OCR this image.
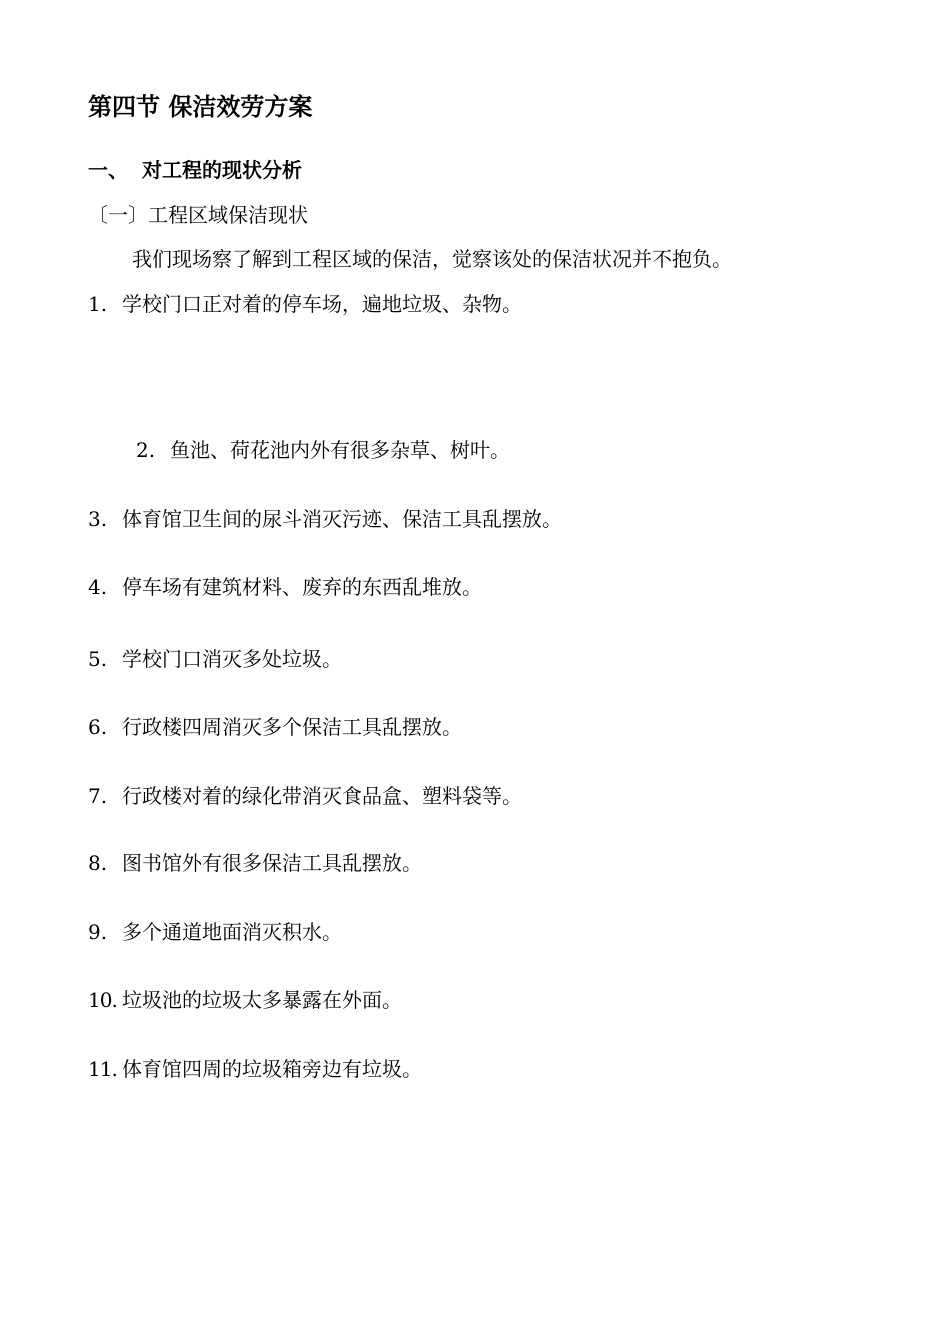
第四节 保洁效劳方案
一、 对工程的现状分析
〔一〕工程区域保洁现状
我们现场察了解到工程区域的保洁，觉察该处的保洁状况并不抱负。
1. 学校门口正对着的停车场，遍地垃圾、杂物。
2. 鱼池、荷花池内外有很多杂草、树叶。
3. 体育馆卫生间的尿斗消灭污迹、保洁工具乱摆放。
4. 停车场有建筑材料、废弃的东西乱堆放。
5. 学校门口消灭多处垃圾。
6. 行政楼四周消灭多个保洁工具乱摆放。
7. 行政楼对着的绿化带消灭食品盒、塑料袋等。
8. 图书馆外有很多保洁工具乱摆放。
9. 多个通道地面消灭积水。
10. 垃圾池的垃圾太多暴露在外面。
11. 体育馆四周的垃圾箱旁边有垃圾。
